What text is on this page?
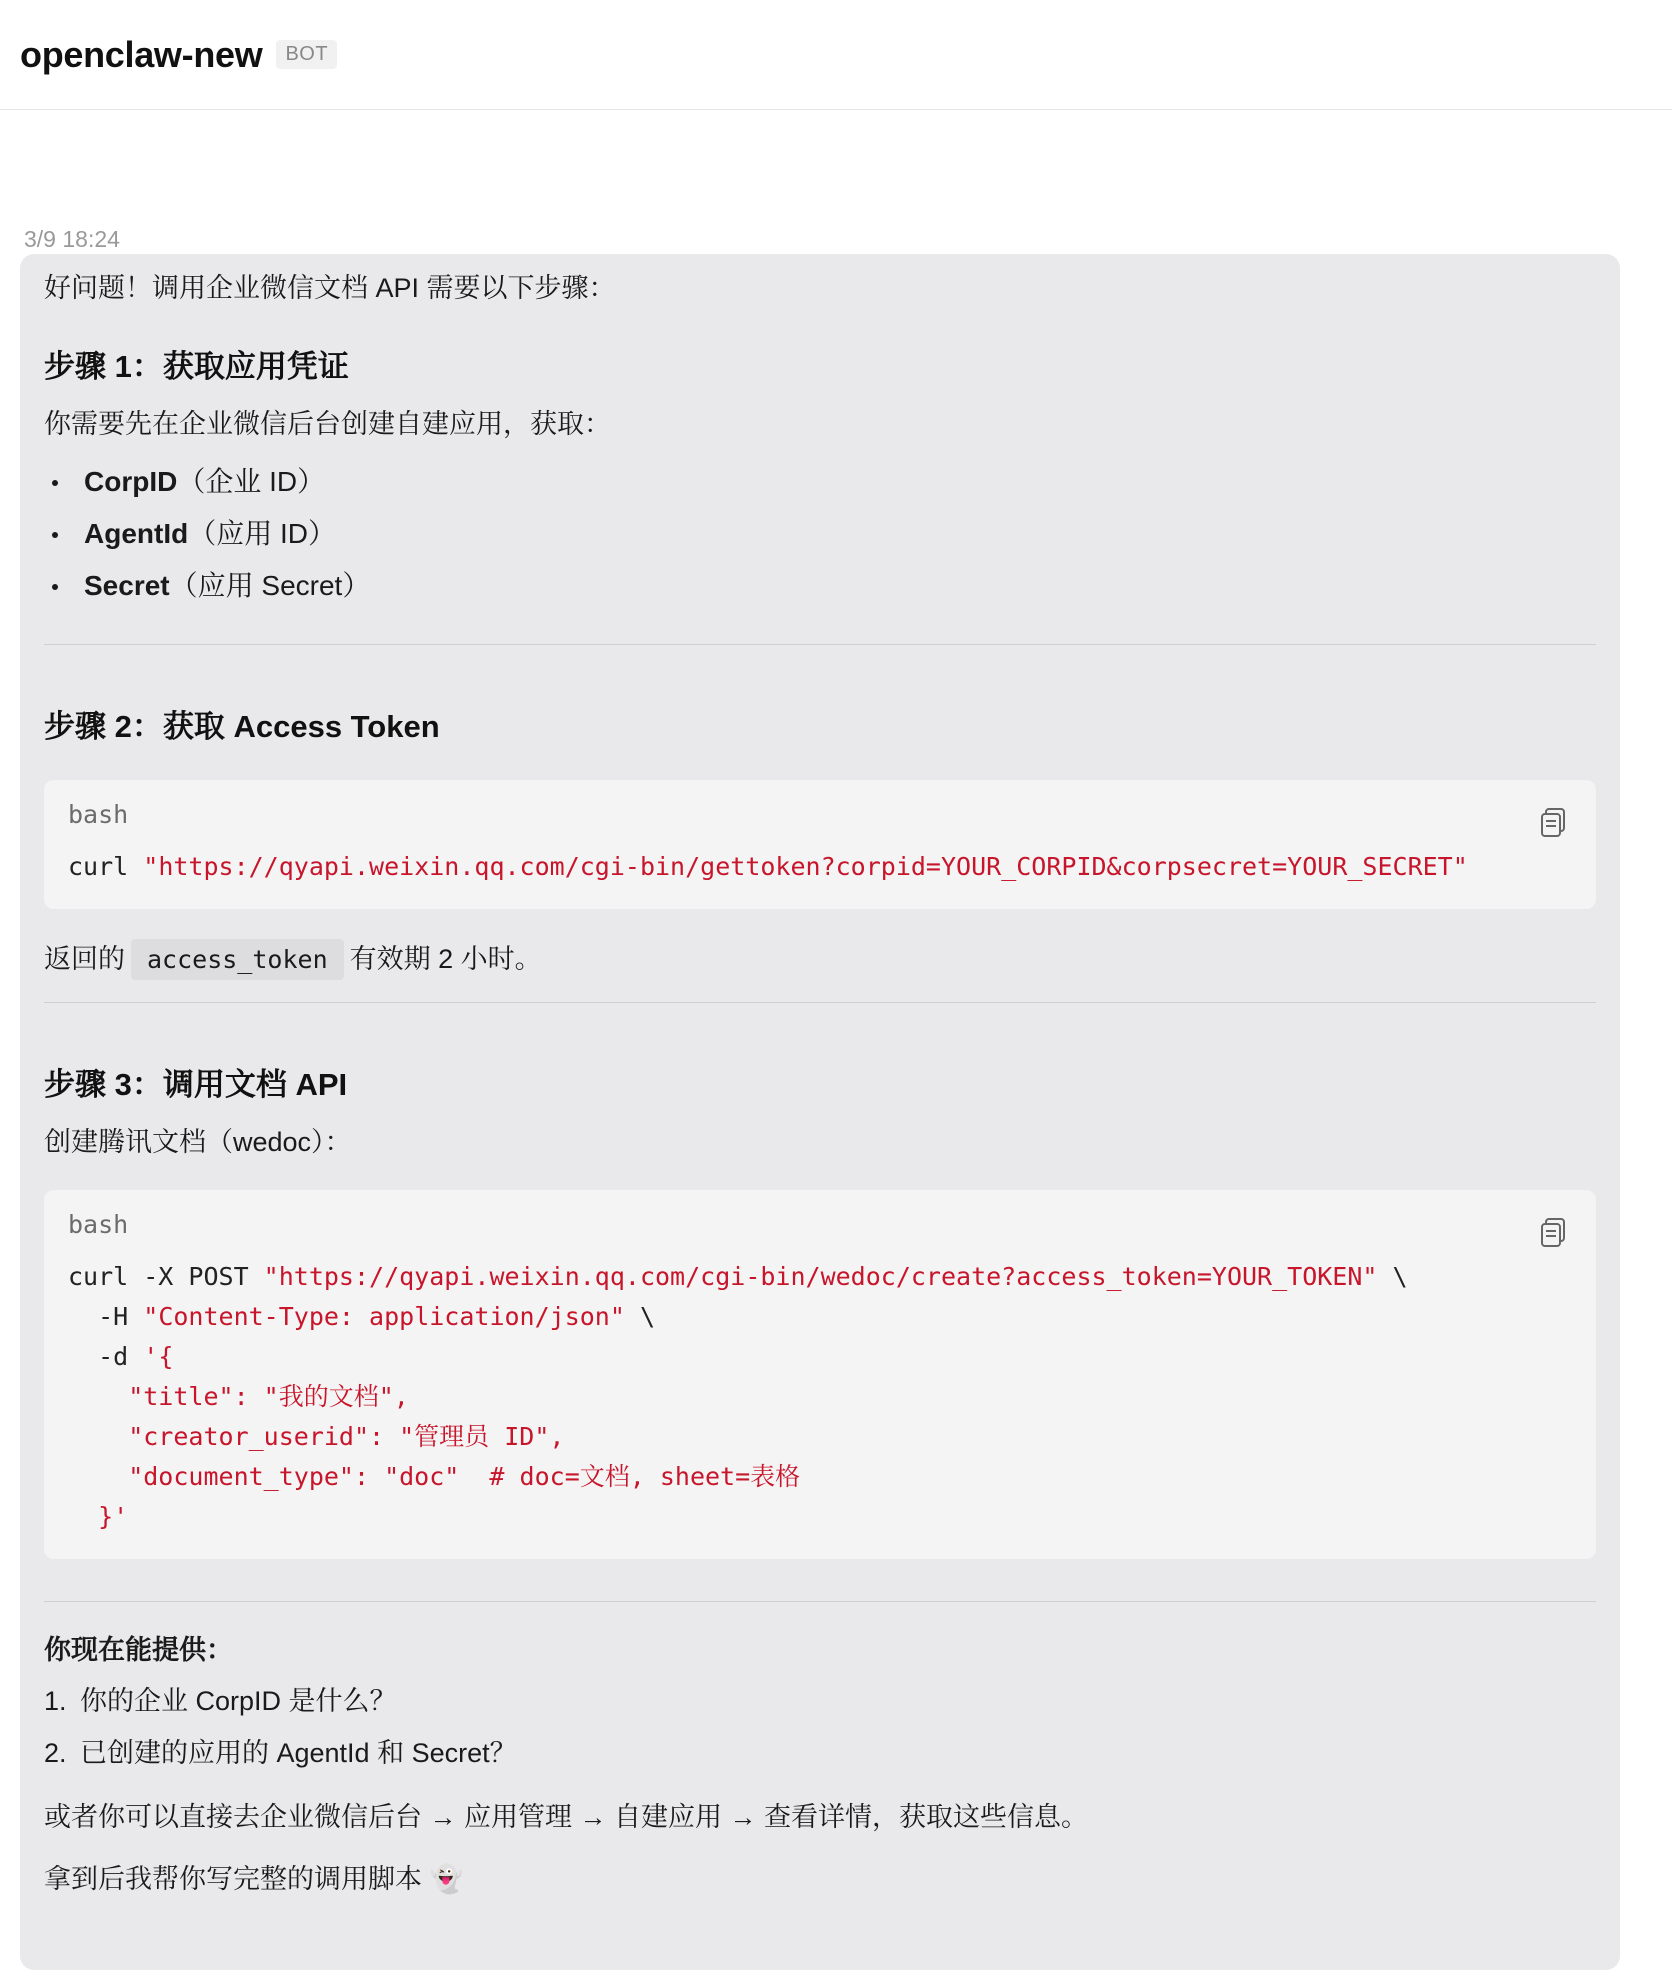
openclaw-new	BOT
3/9 18:24

好问题！调用企业微信文档 API 需要以下步骤：

步骤 1：获取应用凭证

你需要先在企业微信后台创建自建应用，获取：

CorpID（企业 ID）
AgentId（应用 ID）
Secret（应用 Secret）

步骤 2：获取 Access Token

bash
curl "https://qyapi.weixin.qq.com/cgi-bin/gettoken?corpid=YOUR_CORPID&corpsecret=YOUR_SECRET"

返回的 access_token 有效期 2 小时。

步骤 3：调用文档 API

创建腾讯文档（wedoc）：

bash
curl -X POST "https://qyapi.weixin.qq.com/cgi-bin/wedoc/create?access_token=YOUR_TOKEN" \
-H "Content-Type: application/json" \
-d '{
"title": "我的文档",
"creator_userid": "管理员 ID",
"document_type": "doc"  # doc=文档, sheet=表格
}'

你现在能提供：

1. 你的企业 CorpID 是什么？
2. 已创建的应用的 AgentId 和 Secret？

或者你可以直接去企业微信后台 → 应用管理 → 自建应用 → 查看详情，获取这些信息。

拿到后我帮你写完整的调用脚本 👻
